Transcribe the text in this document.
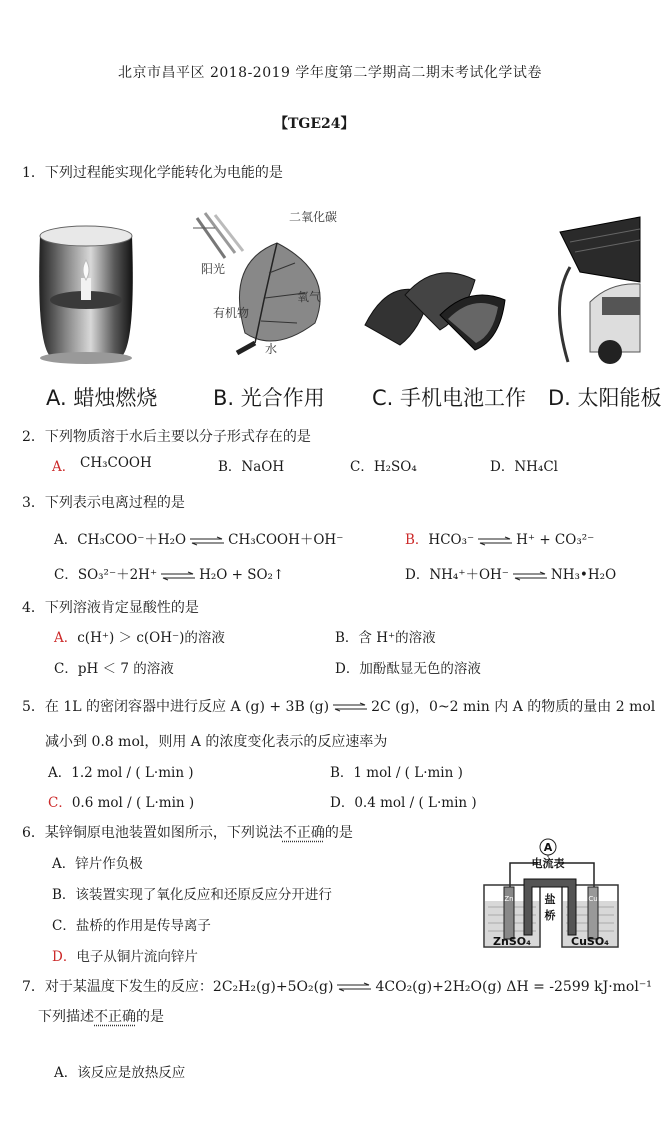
北京市昌平区 2018-2019 学年度第二学期高二期末考试化学试卷
【TGE24】
1．下列过程能实现化学能转化为电能的是
二氧化碳
阳光
氧气
有机物
水
A. 蜡烛燃烧	B. 光合作用 C. 手机电池工作 D. 太阳能板
2．下列物质溶于水后主要以分子形式存在的是
A． CH₃COOH	B．NaOH	C．H₂SO₄	D．NH₄Cl
3．下列表示电离过程的是
A．CH₃COO⁻＋H₂O ⇌ CH₃COOH＋OH⁻	B．HCO₃⁻ ⇌ H⁺ + CO₃²⁻
C．SO₃²⁻＋2H⁺ ⇌ H₂O + SO₂↑	D．NH₄⁺＋OH⁻ ⇌ NH₃•H₂O
4．下列溶液肯定显酸性的是
A．c(H⁺) ＞ c(OH⁻)的溶液	B．含 H⁺的溶液
C．pH ＜ 7 的溶液	D．加酚酞显无色的溶液
5．在 1L 的密闭容器中进行反应 A (g) + 3B (g) ⇌ 2C (g)，0~2 min 内 A 的物质的量由 2 mol
减小到 0.8 mol，则用 A 的浓度变化表示的反应速率为
A．1.2 mol / ( L·min )	B．1 mol / ( L·min )
C．0.6 mol / ( L·min )	D．0.4 mol / ( L·min )
6．某锌铜原电池装置如图所示，下列说法不正确的是
A．锌片作负极
B．该装置实现了氧化反应和还原反应分开进行
C．盐桥的作用是传导离子
D．电子从铜片流向锌片
A
电流表
Zn	Cu
盐
桥
ZnSO₄	CuSO₄
7．对于某温度下发生的反应：2C₂H₂(g)+5O₂(g) ⇌ 4CO₂(g)+2H₂O(g) ΔH = -2599 kJ·mol⁻¹
下列描述不正确的是
A．该反应是放热反应
